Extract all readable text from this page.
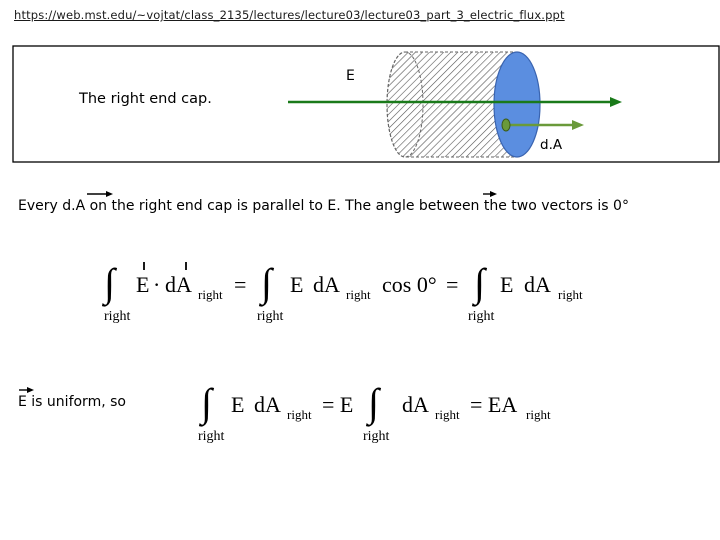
https://web.mst.edu/~vojtat/class_2135/lectures/lecture03/lecture03_part_3_electric_flux.ppt
The right end cap.
E
d.A
Every d.A on the right end cap is parallel to E. The angle between the two vectors is 0°
∫
right
E · dA right = ∫
right
E dA right cos 0° = ∫
right
E dA right
E is uniform, so ∫
right
E dA right = E ∫
right
dA right = EA right
